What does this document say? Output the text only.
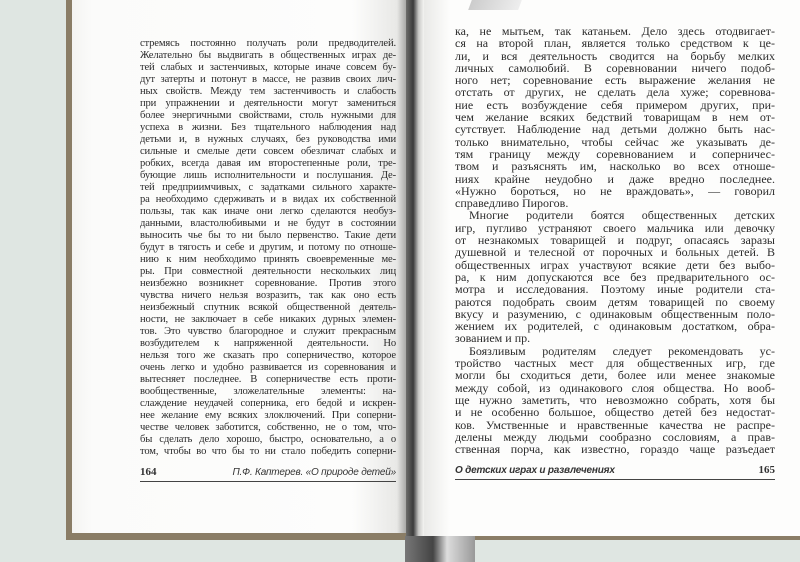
стремясь постоянно получать роли предводителей.
Желательно бы выдвигать в общественных играх де-
тей слабых и застенчивых, которые иначе совсем бу-
дут затерты и потонут в массе, не развив своих лич-
ных свойств. Между тем застенчивость и слабость
при упражнении и деятельности могут замениться
более энергичными свойствами, столь нужными для
успеха в жизни. Без тщательного наблюдения над
детьми и, в нужных случаях, без руководства ими
сильные и смелые дети совсем обезличат слабых и
робких, всегда давая им второстепенные роли, тре-
бующие лишь исполнительности и послушания. Де-
тей предприимчивых, с задатками сильного характе-
ра необходимо сдерживать и в видах их собственной
пользы, так как иначе они легко сделаются необуз-
данными, властолюбивыми и не будут в состоянии
выносить чье бы то ни было первенство. Такие дети
будут в тягость и себе и другим, и потому по отноше-
нию к ним необходимо принять своевременные ме-
ры. При совместной деятельности нескольких лиц
неизбежно возникнет соревнование. Против этого
чувства ничего нельзя возразить, так как оно есть
неизбежный спутник всякой общественной деятель-
ности, не заключает в себе никаких дурных элемен-
тов. Это чувство благородное и служит прекрасным
возбудителем к напряженной деятельности. Но
нельзя того же сказать про соперничество, которое
очень легко и удобно развивается из соревнования и
вытесняет последнее. В соперничестве есть проти-
вообщественные, зложелательные элементы: на-
слаждение неудачей соперника, его бедой и искрен-
нее желание ему всяких злоключений. При соперни-
честве человек заботится, собственно, не о том, что-
бы сделать дело хорошо, быстро, основательно, а о
том, чтобы во что бы то ни стало победить соперни-
164	П.Ф. Каптерев. «О природе детей»
ка, не мытьем, так катаньем. Дело здесь отодвигает-
ся на второй план, является только средством к це-
ли, и вся деятельность сводится на борьбу мелких
личных самолюбий. В соревновании ничего подоб-
ного нет; соревнование есть выражение желания не
отстать от других, не сделать дела хуже; соревнова-
ние есть возбуждение себя примером других, при-
чем желание всяких бедствий товарищам в нем от-
сутствует. Наблюдение над детьми должно быть нас-
только внимательно, чтобы сейчас же указывать де-
тям границу между соревнованием и соперничес-
твом и разъяснять им, насколько во всех отноше-
ниях крайне неудобно и даже вредно последнее.
«Нужно бороться, но не враждовать», — говорил
справедливо Пирогов.
Многие родители боятся общественных детских
игр, пугливо устраняют своего мальчика или девочку
от незнакомых товарищей и подруг, опасаясь заразы
душевной и телесной от порочных и больных детей. В
общественных играх участвуют всякие дети без выбо-
ра, к ним допускаются все без предварительного ос-
мотра и исследования. Поэтому иные родители ста-
раются подобрать своим детям товарищей по своему
вкусу и разумению, с одинаковым общественным поло-
жением их родителей, с одинаковым достатком, обра-
зованием и пр.
Боязливым родителям следует рекомендовать ус-
тройство частных мест для общественных игр, где
могли бы сходиться дети, более или менее знакомые
между собой, из одинакового слоя общества. Но вооб-
ще нужно заметить, что невозможно собрать, хотя бы
и не особенно большое, общество детей без недостат-
ков. Умственные и нравственные качества не распре-
делены между людьми сообразно сословиям, а прав-
ственная порча, как известно, гораздо чаще разъедает
О детских играх и развлечениях	165
